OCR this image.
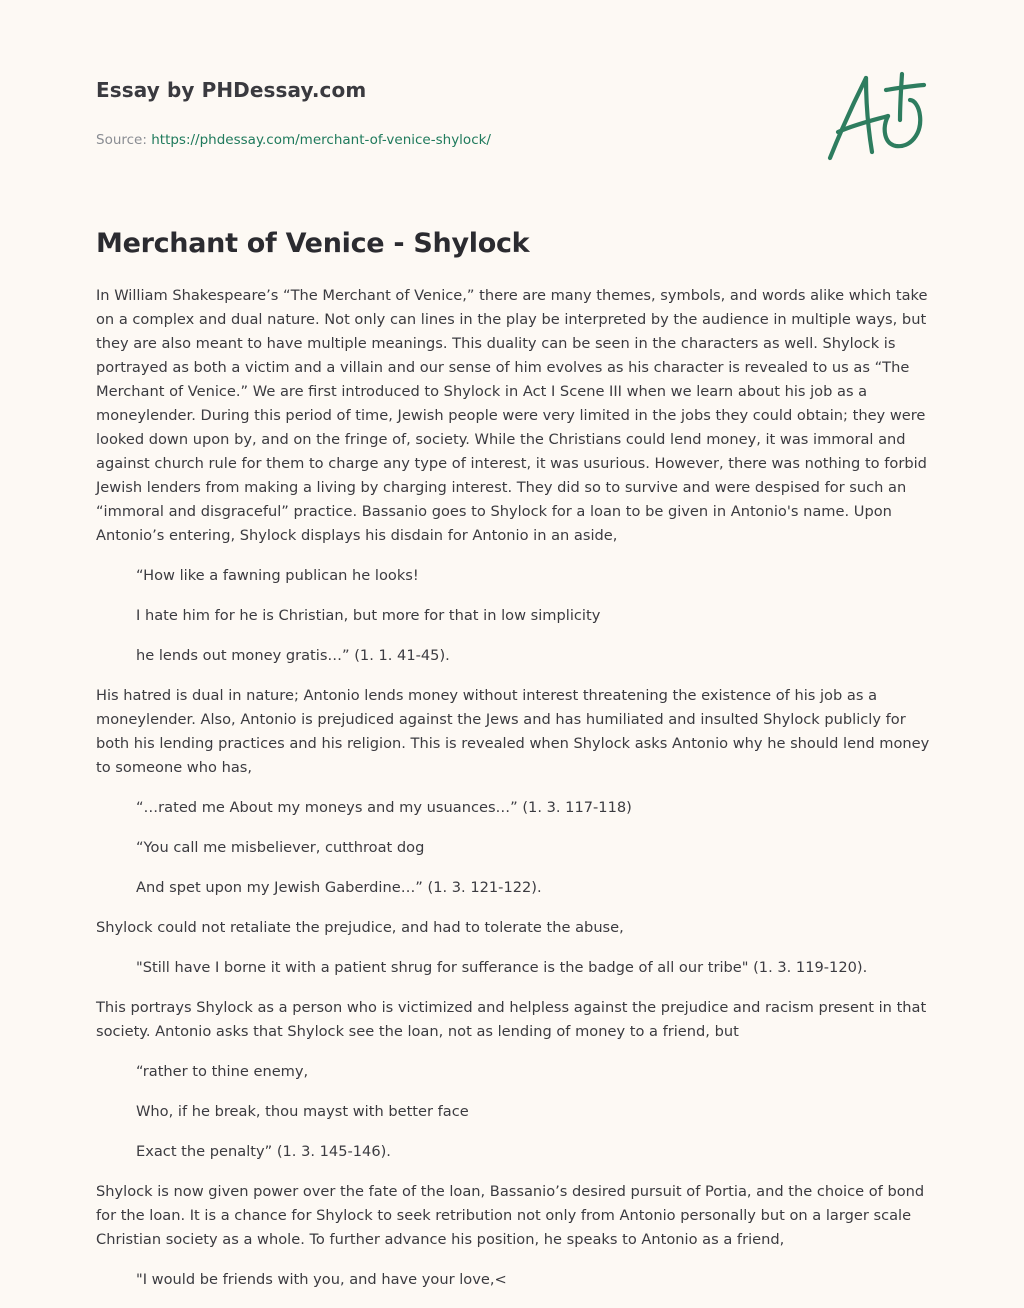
Essay by PHDessay.com
Source: https://phdessay.com/merchant-of-venice-shylock/
Merchant of Venice - Shylock

In William Shakespeare’s “The Merchant of Venice,” there are many themes, symbols, and words alike which take on a complex and dual nature. Not only can lines in the play be interpreted by the audience in multiple ways, but they are also meant to have multiple meanings. This duality can be seen in the characters as well. Shylock is portrayed as both a victim and a villain and our sense of him evolves as his character is revealed to us as “The Merchant of Venice.” We are first introduced to Shylock in Act I Scene III when we learn about his job as a moneylender. During this period of time, Jewish people were very limited in the jobs they could obtain; they were looked down upon by, and on the fringe of, society. While the Christians could lend money, it was immoral and against church rule for them to charge any type of interest, it was usurious. However, there was nothing to forbid Jewish lenders from making a living by charging interest. They did so to survive and were despised for such an “immoral and disgraceful” practice. Bassanio goes to Shylock for a loan to be given in Antonio's name. Upon Antonio’s entering, Shylock displays his disdain for Antonio in an aside,

“How like a fawning publican he looks!

I hate him for he is Christian, but more for that in low simplicity

he lends out money gratis…” (1. 1. 41-45).

His hatred is dual in nature; Antonio lends money without interest threatening the existence of his job as a moneylender. Also, Antonio is prejudiced against the Jews and has humiliated and insulted Shylock publicly for both his lending practices and his religion. This is revealed when Shylock asks Antonio why he should lend money to someone who has,

“…rated me About my moneys and my usuances…” (1. 3. 117-118)

“You call me misbeliever, cutthroat dog

And spet upon my Jewish Gaberdine…” (1. 3. 121-122).

Shylock could not retaliate the prejudice, and had to tolerate the abuse,

"Still have I borne it with a patient shrug for sufferance is the badge of all our tribe" (1. 3. 119-120).

This portrays Shylock as a person who is victimized and helpless against the prejudice and racism present in that society. Antonio asks that Shylock see the loan, not as lending of money to a friend, but

“rather to thine enemy,

Who, if he break, thou mayst with better face

Exact the penalty” (1. 3. 145-146).

Shylock is now given power over the fate of the loan, Bassanio’s desired pursuit of Portia, and the choice of bond for the loan. It is a chance for Shylock to seek retribution not only from Antonio personally but on a larger scale Christian society as a whole. To further advance his position, he speaks to Antonio as a friend,

"I would be friends with you, and have your love,<
